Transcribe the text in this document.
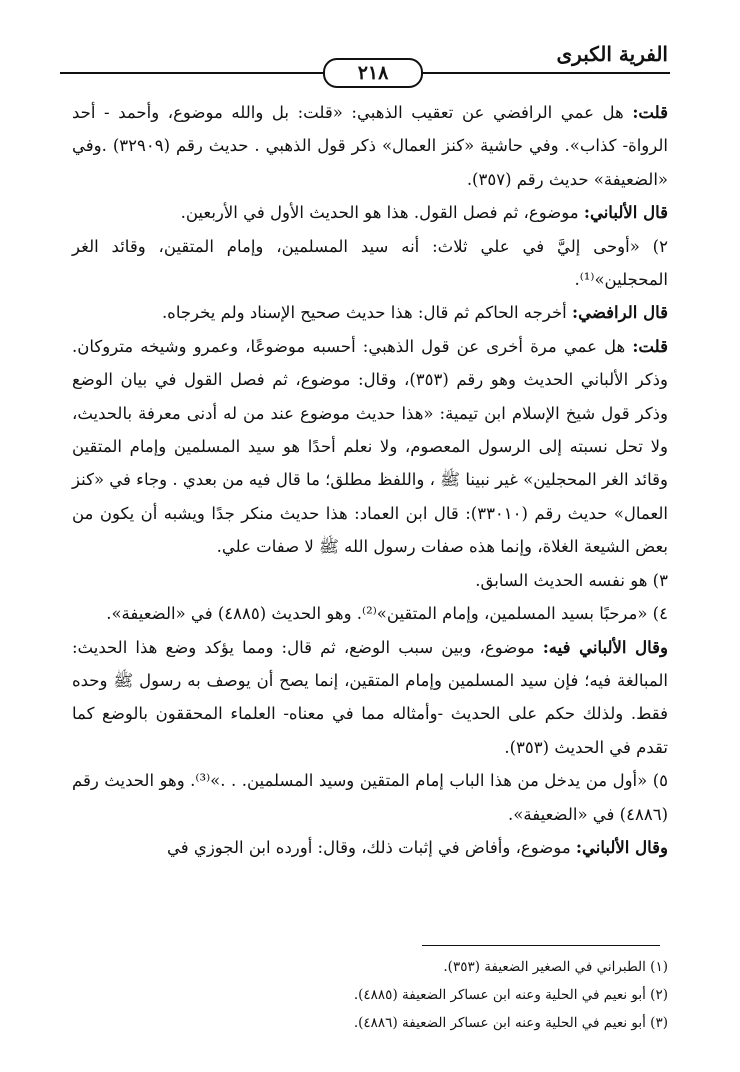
الفرية الكبرى
٢١٨

قلت: هل عمي الرافضي عن تعقيب الذهبي: «قلت: بل والله موضوع، وأحمد - أحد الرواة- كذاب». وفي حاشية «كنز العمال» ذكر قول الذهبي . حديث رقم (٣٢٩٠٩) .وفي «الضعيفة» حديث رقم (٣٥٧).

قال الألباني: موضوع، ثم فصل القول. هذا هو الحديث الأول في الأربعين.

٢) «أوحى إليَّ في علي ثلاث: أنه سيد المسلمين، وإمام المتقين، وقائد الغر المحجلين»⁽¹⁾.

قال الرافضي: أخرجه الحاكم ثم قال: هذا حديث صحيح الإسناد ولم يخرجاه.

قلت: هل عمي مرة أخرى عن قول الذهبي: أحسبه موضوعًا، وعمرو وشيخه متروكان. وذكر الألباني الحديث وهو رقم (٣٥٣)، وقال: موضوع، ثم فصل القول في بيان الوضع وذكر قول شيخ الإسلام ابن تيمية: «هذا حديث موضوع عند من له أدنى معرفة بالحديث، ولا تحل نسبته إلى الرسول المعصوم، ولا نعلم أحدًا هو سيد المسلمين وإمام المتقين وقائد الغر المحجلين» غير نبينا ﷺ ، واللفظ مطلق؛ ما قال فيه من بعدي . وجاء في «كنز العمال» حديث رقم (٣٣٠١٠): قال ابن العماد: هذا حديث منكر جدًا ويشبه أن يكون من بعض الشيعة الغلاة، وإنما هذه صفات رسول الله ﷺ لا صفات علي.

٣) هو نفسه الحديث السابق.

٤) «مرحبًا بسيد المسلمين، وإمام المتقين»⁽²⁾. وهو الحديث (٤٨٨٥) في «الضعيفة».

وقال الألباني فيه: موضوع، وبين سبب الوضع، ثم قال: ومما يؤكد وضع هذا الحديث: المبالغة فيه؛ فإن سيد المسلمين وإمام المتقين، إنما يصح أن يوصف به رسول ﷺ وحده فقط. ولذلك حكم على الحديث -وأمثاله مما في معناه- العلماء المحققون بالوضع كما تقدم في الحديث (٣٥٣).

٥) «أول من يدخل من هذا الباب إمام المتقين وسيد المسلمين. . .»⁽³⁾. وهو الحديث رقم (٤٨٨٦) في «الضعيفة».

وقال الألباني: موضوع، وأفاض في إثبات ذلك، وقال: أورده ابن الجوزي في

(١) الطبراني في الصغير الضعيفة (٣٥٣).
(٢) أبو نعيم في الحلية وعنه ابن عساكر الضعيفة (٤٨٨٥).
(٣) أبو نعيم في الحلية وعنه ابن عساكر الضعيفة (٤٨٨٦).
